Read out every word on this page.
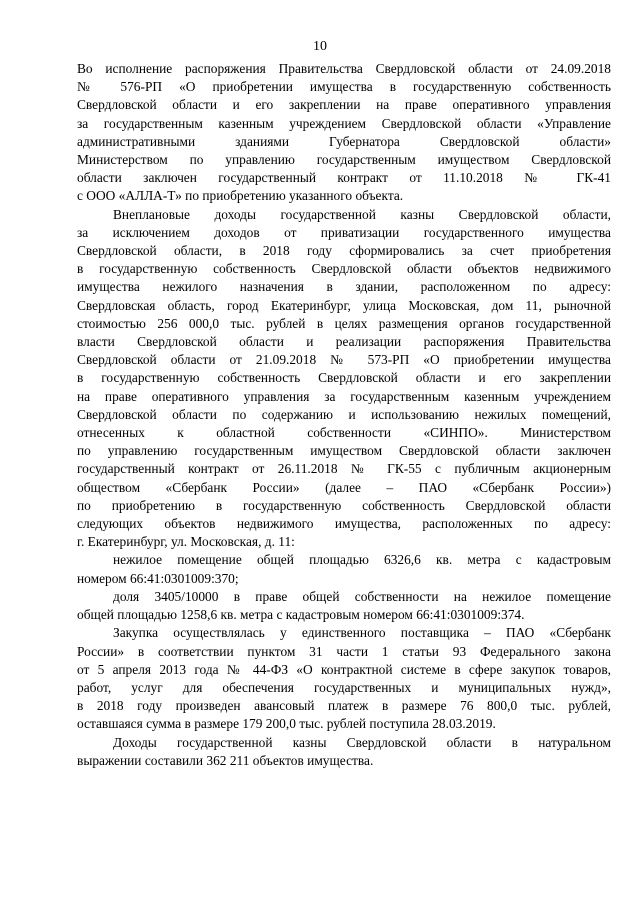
10
Во исполнение распоряжения Правительства Свердловской области от 24.09.2018
№ 576-РП «О приобретении имущества в государственную собственность
Свердловской области и его закреплении на праве оперативного управления
за государственным казенным учреждением Свердловской области «Управление
административными зданиями Губернатора Свердловской области»
Министерством по управлению государственным имуществом Свердловской
области заключен государственный контракт от 11.10.2018 № ГК-41
с ООО «АЛЛА-Т» по приобретению указанного объекта.
Внеплановые доходы государственной казны Свердловской области,
за исключением доходов от приватизации государственного имущества
Свердловской области, в 2018 году сформировались за счет приобретения
в государственную собственность Свердловской области объектов недвижимого
имущества нежилого назначения в здании, расположенном по адресу:
Свердловская область, город Екатеринбург, улица Московская, дом 11, рыночной
стоимостью 256 000,0 тыс. рублей в целях размещения органов государственной
власти Свердловской области и реализации распоряжения Правительства
Свердловской области от 21.09.2018 № 573-РП «О приобретении имущества
в государственную собственность Свердловской области и его закреплении
на праве оперативного управления за государственным казенным учреждением
Свердловской области по содержанию и использованию нежилых помещений,
отнесенных к областной собственности «СИНПО». Министерством
по управлению государственным имуществом Свердловской области заключен
государственный контракт от 26.11.2018 № ГК-55 с публичным акционерным
обществом «Сбербанк России» (далее – ПАО «Сбербанк России»)
по приобретению в государственную собственность Свердловской области
следующих объектов недвижимого имущества, расположенных по адресу:
г. Екатеринбург, ул. Московская, д. 11:
нежилое помещение общей площадью 6326,6 кв. метра с кадастровым
номером 66:41:0301009:370;
доля 3405/10000 в праве общей собственности на нежилое помещение
общей площадью 1258,6 кв. метра с кадастровым номером 66:41:0301009:374.
Закупка осуществлялась у единственного поставщика – ПАО «Сбербанк
России» в соответствии пунктом 31 части 1 статьи 93 Федерального закона
от 5 апреля 2013 года № 44-ФЗ «О контрактной системе в сфере закупок товаров,
работ, услуг для обеспечения государственных и муниципальных нужд»,
в 2018 году произведен авансовый платеж в размере 76 800,0 тыс. рублей,
оставшаяся сумма в размере 179 200,0 тыс. рублей поступила 28.03.2019.
Доходы государственной казны Свердловской области в натуральном
выражении составили 362 211 объектов имущества.
